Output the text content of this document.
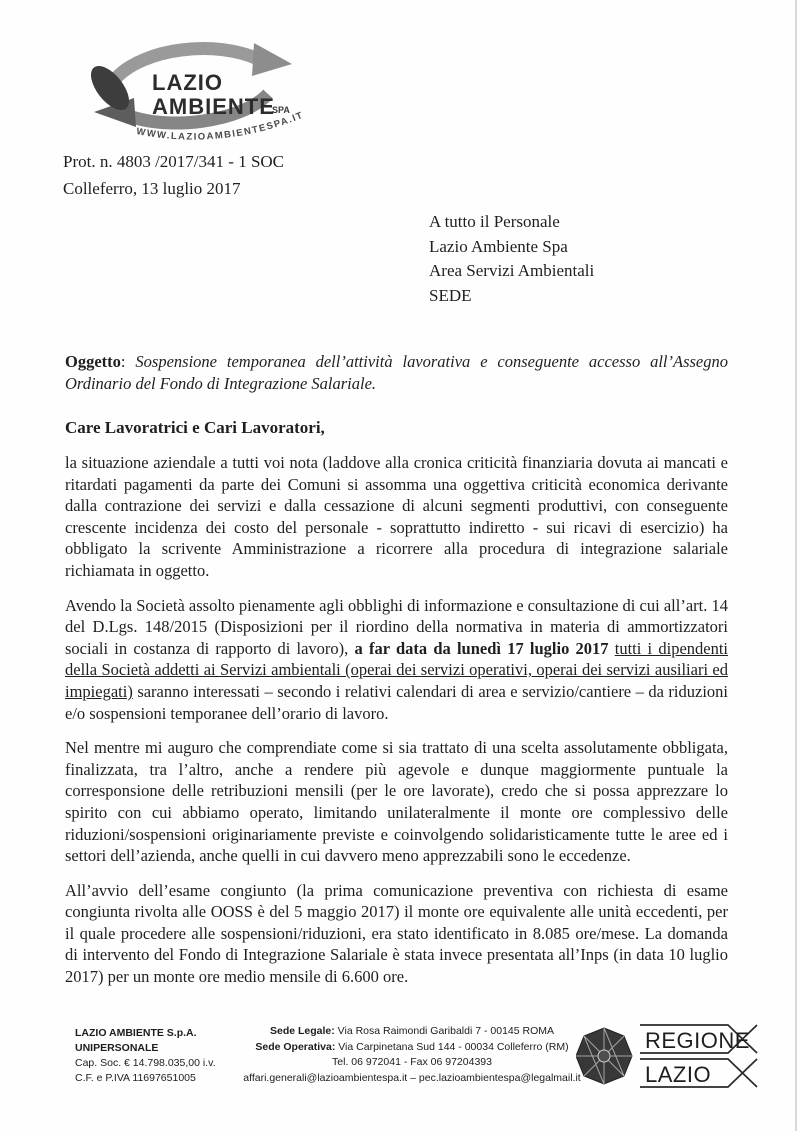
LAZIO
AMBIENTE
SPA
WWW.LAZIOAMBIENTESPA.IT
Prot. n. 4803 /2017/341 - 1 SOC
Colleferro, 13 luglio 2017
A tutto il Personale
Lazio Ambiente Spa
Area Servizi Ambientali
SEDE
Oggetto: Sospensione temporanea dell’attività lavorativa e conseguente accesso all’Assegno Ordinario del Fondo di Integrazione Salariale.
Care Lavoratrici e Cari Lavoratori,

la situazione aziendale a tutti voi nota (laddove alla cronica criticità finanziaria dovuta ai mancati e ritardati pagamenti da parte dei Comuni si assomma una oggettiva criticità economica derivante dalla contrazione dei servizi e dalla cessazione di alcuni segmenti produttivi, con conseguente crescente incidenza dei costo del personale - soprattutto indiretto - sui ricavi di esercizio) ha obbligato la scrivente Amministrazione a ricorrere alla procedura di integrazione salariale richiamata in oggetto.

Avendo la Società assolto pienamente agli obblighi di informazione e consultazione di cui all’art. 14 del D.Lgs. 148/2015 (Disposizioni per il riordino della normativa in materia di ammortizzatori sociali in costanza di rapporto di lavoro), a far data da lunedì 17 luglio 2017 tutti i dipendenti della Società addetti ai Servizi ambientali (operai dei servizi operativi, operai dei servizi ausiliari ed impiegati) saranno interessati – secondo i relativi calendari di area e servizio/cantiere – da riduzioni e/o sospensioni temporanee dell’orario di lavoro.

Nel mentre mi auguro che comprendiate come si sia trattato di una scelta assolutamente obbligata, finalizzata, tra l’altro, anche a rendere più agevole e dunque maggiormente puntuale la corresponsione delle retribuzioni mensili (per le ore lavorate), credo che si possa apprezzare lo spirito con cui abbiamo operato, limitando unilateralmente il monte ore complessivo delle riduzioni/sospensioni originariamente previste e coinvolgendo solidaristicamente tutte le aree ed i settori dell’azienda, anche quelli in cui davvero meno apprezzabili sono le eccedenze.

All’avvio dell’esame congiunto (la prima comunicazione preventiva con richiesta di esame congiunta rivolta alle OOSS è del 5 maggio 2017) il monte ore equivalente alle unità eccedenti, per il quale procedere alle sospensioni/riduzioni, era stato identificato in 8.085 ore/mese. La domanda di intervento del Fondo di Integrazione Salariale è stata invece presentata all’Inps (in data 10 luglio 2017) per un monte ore medio mensile di 6.600 ore.

LAZIO AMBIENTE S.p.A.
UNIPERSONALE
Cap. Soc. € 14.798.035,00 i.v.
C.F. e P.IVA 11697651005
Sede Legale: Via Rosa Raimondi Garibaldi 7 - 00145 ROMA
Sede Operativa: Via Carpinetana Sud 144 - 00034 Colleferro (RM)
Tel. 06 972041 - Fax 06 97204393
affari.generali@lazioambientespa.it – pec.lazioambientespa@legalmail.it
REGIONE
LAZIO
